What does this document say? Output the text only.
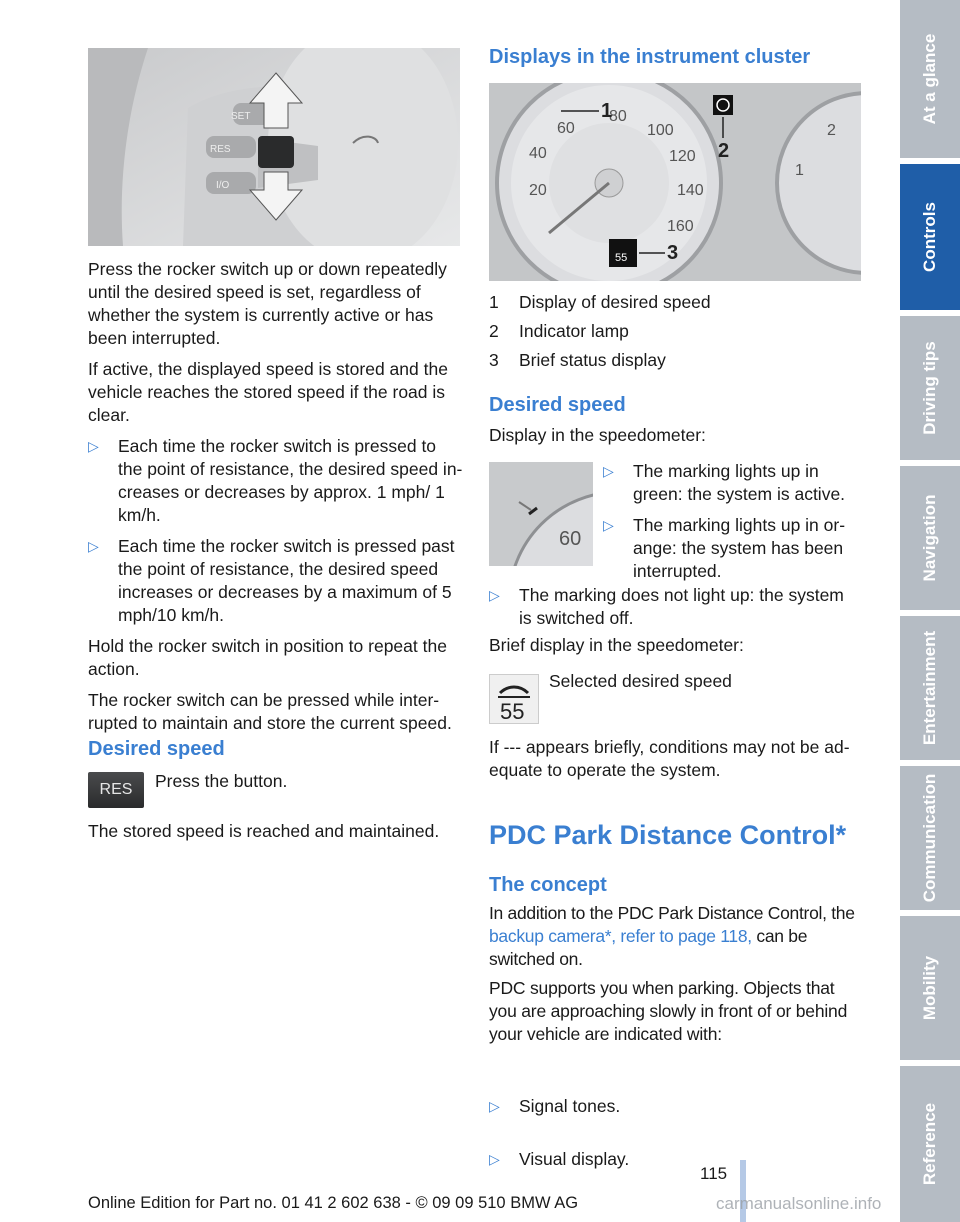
SET
RES
I/O

Press the rocker switch up or down repeatedly until the desired speed is set, regardless of whether the system is currently active or has been interrupted.

If active, the displayed speed is stored and the vehicle reaches the stored speed if the road is clear.

▷ Each time the rocker switch is pressed to the point of resistance, the desired speed in-creases or decreases by approx. 1 mph/ 1 km/h.
▷ Each time the rocker switch is pressed past the point of resistance, the desired speed increases or decreases by a maximum of 5 mph/10 km/h.

Hold the rocker switch in position to repeat the action.

The rocker switch can be pressed while inter-rupted to maintain and store the current speed.

Desired speed
RES	Press the button.
The stored speed is reached and maintained.
Displays in the instrument cluster
20
40
60
80
100
120
140
160
1
2
55 3
1
2
1 Display of desired speed
2 Indicator lamp
3 Brief status display
Desired speed
Display in the speedometer:
60
▷ The marking lights up in green: the system is active.
▷ The marking lights up in or-ange: the system has been interrupted.
▷ The marking does not light up: the system is switched off.
Brief display in the speedometer:
55
Selected desired speed
If --- appears briefly, conditions may not be ad-equate to operate the system.
PDC Park Distance Control*
The concept
In addition to the PDC Park Distance Control, the backup camera*, refer to page 118, can be switched on.
PDC supports you when parking. Objects that you are approaching slowly in front of or behind your vehicle are indicated with:
▷ Signal tones.
▷ Visual display.
115
Online Edition for Part no. 01 41 2 602 638 - © 09 09 510 BMW AG	carmanualsonline.info
At a glance
Controls
Driving tips
Navigation
Entertainment
Communication
Mobility
Reference
